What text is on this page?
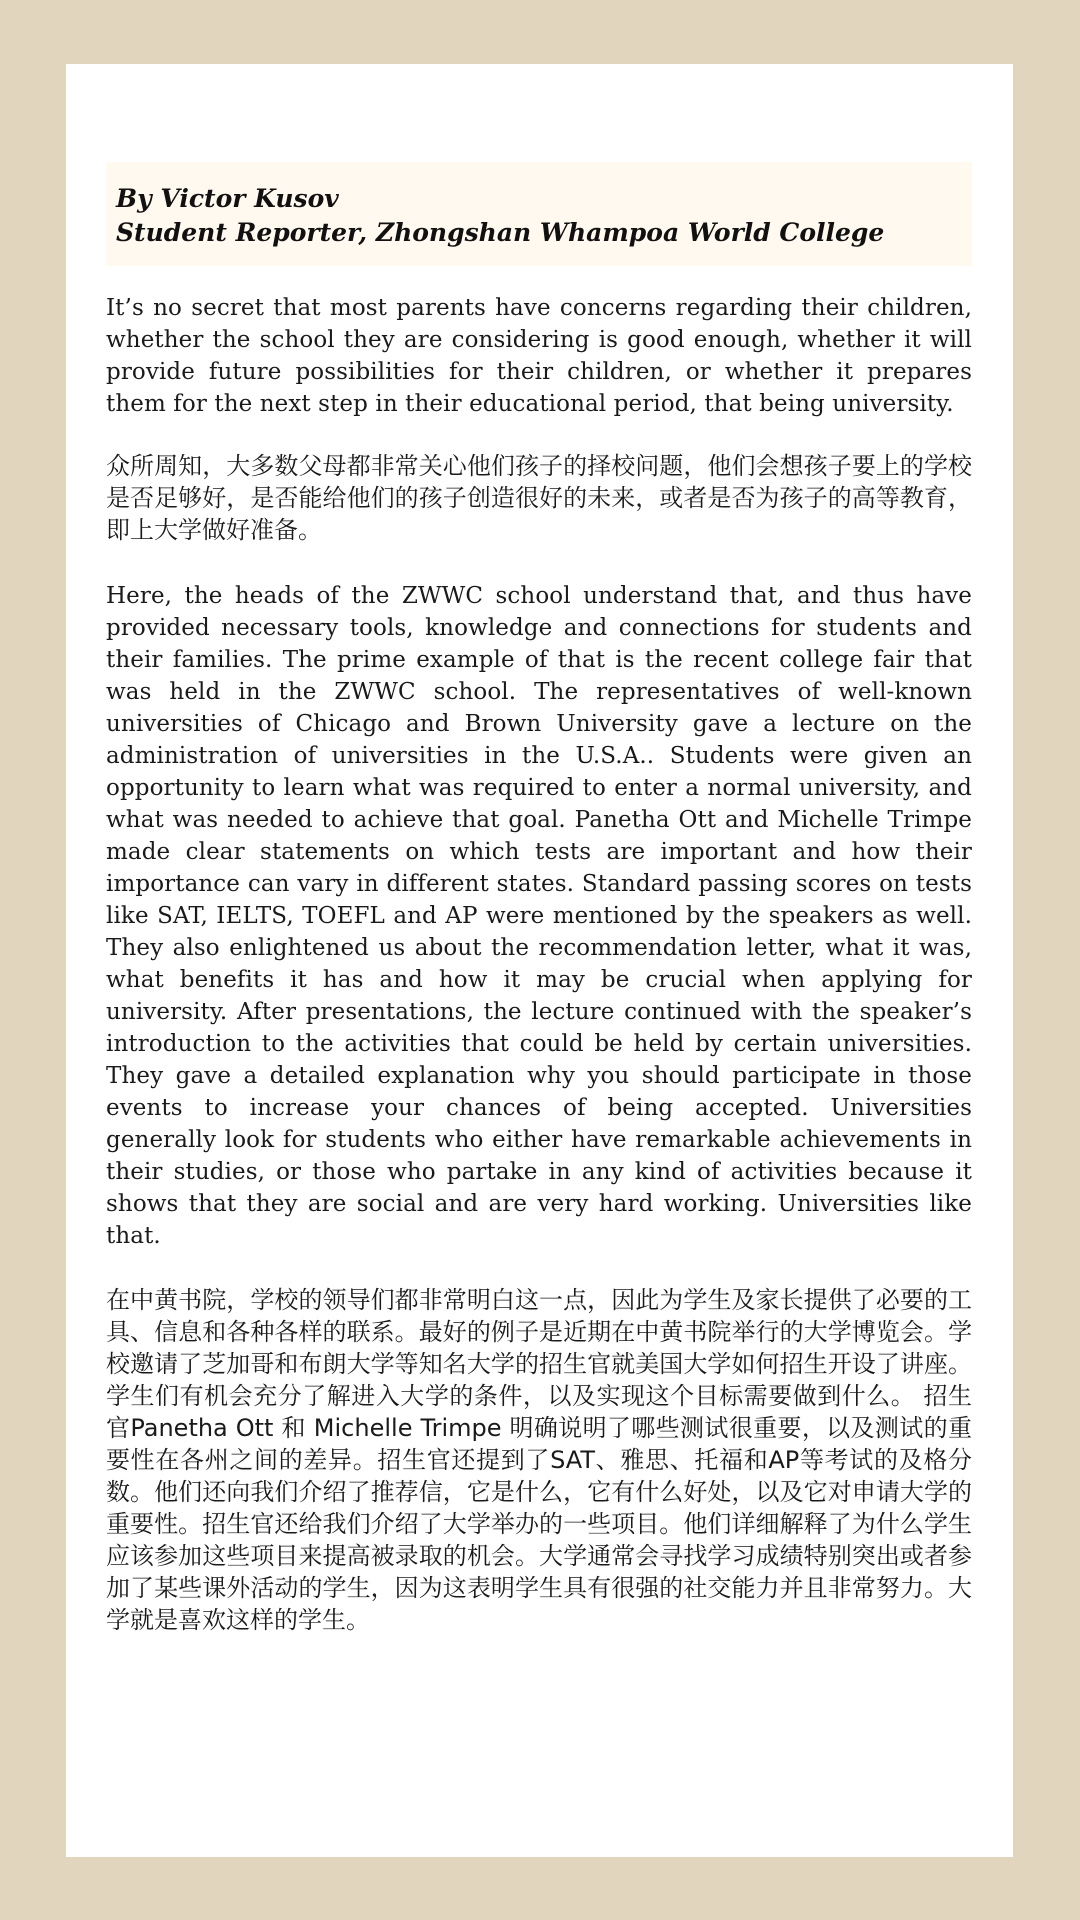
By Victor Kusov
Student Reporter, Zhongshan Whampoa World College

It’s no secret that most parents have concerns regarding their children, whether the school they are considering is good enough, whether it will provide future possibilities for their children, or whether it prepares them for the next step in their educational period, that being university.

众所周知，大多数父母都非常关心他们孩子的择校问题，他们会想孩子要上的学校是否足够好，是否能给他们的孩子创造很好的未来，或者是否为孩子的高等教育，即上大学做好准备。

Here, the heads of the ZWWC school understand that, and thus have provided necessary tools, knowledge and connections for students and their families. The prime example of that is the recent college fair that was held in the ZWWC school. The representatives of well-known universities of Chicago and Brown University gave a lecture on the administration of universities in the U.S.A.. Students were given an opportunity to learn what was required to enter a normal university, and what was needed to achieve that goal. Panetha Ott and Michelle Trimpe made clear statements on which tests are important and how their importance can vary in different states. Standard passing scores on tests like SAT, IELTS, TOEFL and AP were mentioned by the speakers as well. They also enlightened us about the recommendation letter, what it was, what benefits it has and how it may be crucial when applying for university. After presentations, the lecture continued with the speaker’s introduction to the activities that could be held by certain universities. They gave a detailed explanation why you should participate in those events to increase your chances of being accepted. Universities generally look for students who either have remarkable achievements in their studies, or those who partake in any kind of activities because it shows that they are social and are very hard working. Universities like that.

在中黄书院，学校的领导们都非常明白这一点，因此为学生及家长提供了必要的工具、信息和各种各样的联系。最好的例子是近期在中黄书院举行的大学博览会。学校邀请了芝加哥和布朗大学等知名大学的招生官就美国大学如何招生开设了讲座。学生们有机会充分了解进入大学的条件，以及实现这个目标需要做到什么。 招生官Panetha Ott 和 Michelle Trimpe 明确说明了哪些测试很重要，以及测试的重要性在各州之间的差异。招生官还提到了SAT、雅思、托福和AP等考试的及格分数。他们还向我们介绍了推荐信，它是什么，它有什么好处，以及它对申请大学的重要性。招生官还给我们介绍了大学举办的一些项目。他们详细解释了为什么学生应该参加这些项目来提高被录取的机会。大学通常会寻找学习成绩特别突出或者参加了某些课外活动的学生，因为这表明学生具有很强的社交能力并且非常努力。大学就是喜欢这样的学生。
